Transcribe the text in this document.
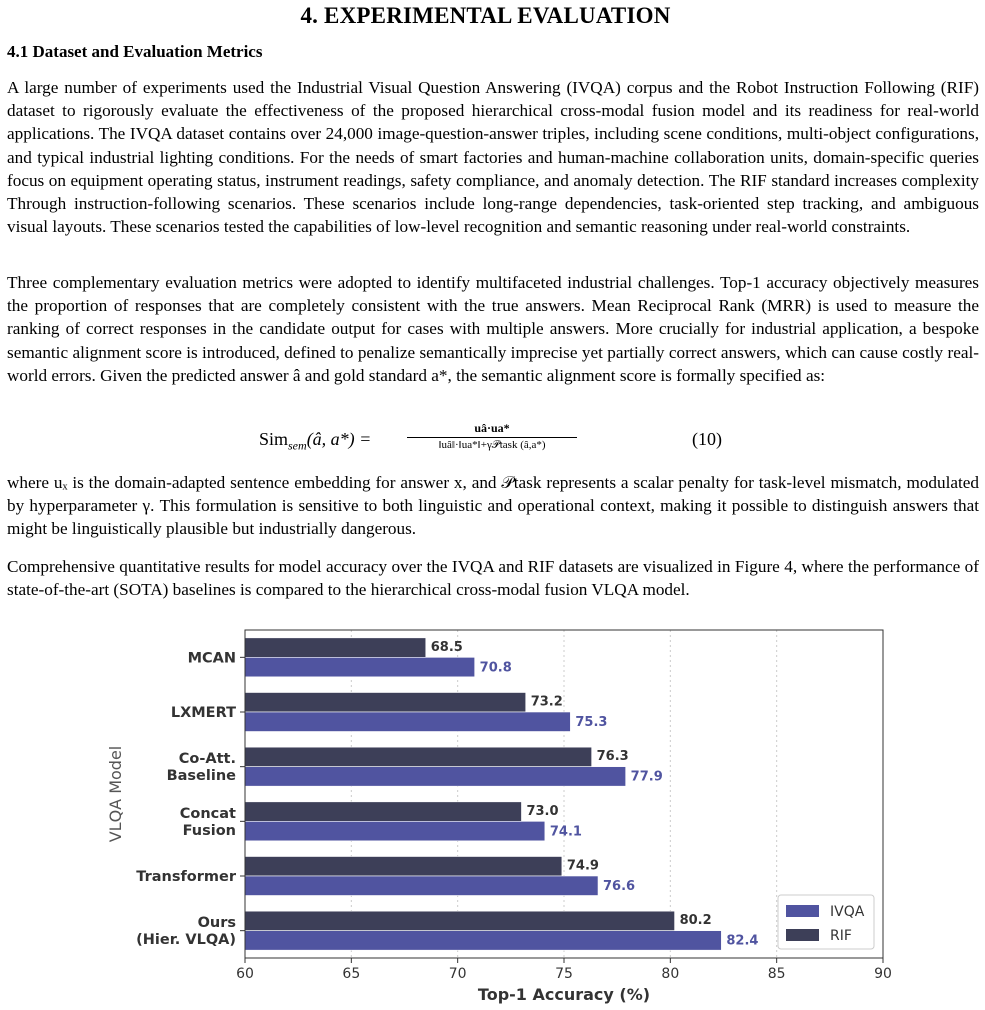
4. EXPERIMENTAL EVALUATION
4.1 Dataset and Evaluation Metrics

A large number of experiments used the Industrial Visual Question Answering (IVQA) corpus and the Robot Instruction Following (RIF) dataset to rigorously evaluate the effectiveness of the proposed hierarchical cross-modal fusion model and its readiness for real-world applications. The IVQA dataset contains over 24,000 image-question-answer triples, including scene conditions, multi-object configurations, and typical industrial lighting conditions. For the needs of smart factories and human-machine collaboration units, domain-specific queries focus on equipment operating status, instrument readings, safety compliance, and anomaly detection. The RIF standard increases complexity Through instruction-following scenarios. These scenarios include long-range dependencies, task-oriented step tracking, and ambiguous visual layouts. These scenarios tested the capabilities of low-level recognition and semantic reasoning under real-world constraints.

Three complementary evaluation metrics were adopted to identify multifaceted industrial challenges. Top-1 accuracy objectively measures the proportion of responses that are completely consistent with the true answers. Mean Reciprocal Rank (MRR) is used to measure the ranking of correct responses in the candidate output for cases with multiple answers. More crucially for industrial application, a bespoke semantic alignment score is introduced, defined to penalize semantically imprecise yet partially correct answers, which can cause costly real-world errors. Given the predicted answer â and gold standard a*, the semantic alignment score is formally specified as:

Sim$_{sem}$(â, a*) =
uâ·ua*
‖uâ‖·‖ua*‖+γ𝒫task (â,a*)	(10)

where uₓ is the domain-adapted sentence embedding for answer x, and 𝒫task represents a scalar penalty for task-level mismatch, modulated by hyperparameter γ. This formulation is sensitive to both linguistic and operational context, making it possible to distinguish answers that might be linguistically plausible but industrially dangerous.

Comprehensive quantitative results for model accuracy over the IVQA and RIF datasets are visualized in Figure 4, where the performance of state-of-the-art (SOTA) baselines is compared to the hierarchical cross-modal fusion VLQA model.

68.5
70.8
MCAN
73.2
75.3
LXMERT
76.3
77.9
Co-Att.
Baseline
73.0
74.1
Concat
Fusion
74.9
76.6
Transformer
80.2
82.4
Ours
(Hier. VLQA)
60	65	70	75	80	85	90
Top-1 Accuracy (%)
VLQA Model
IVQA
RIF
